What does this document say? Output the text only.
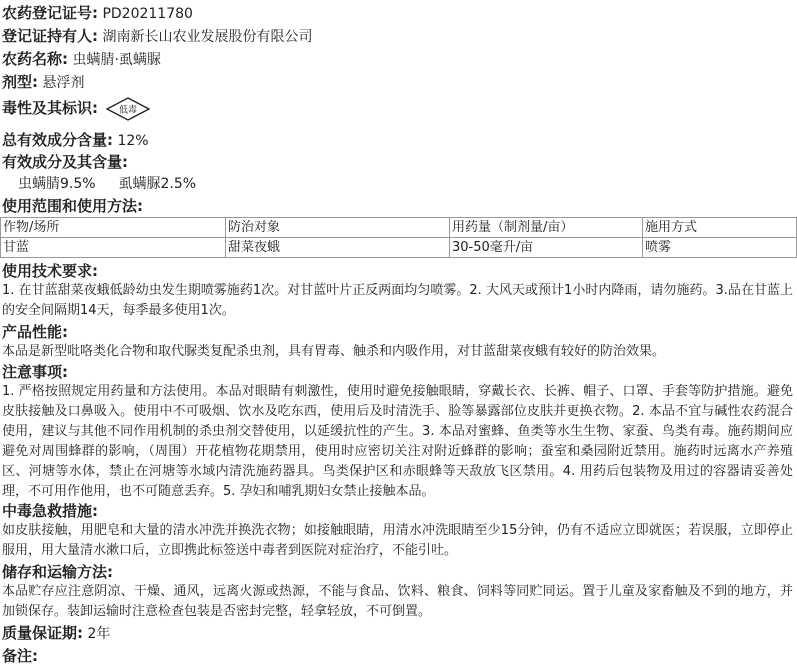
农药登记证号: PD20211780
登记证持有人: 湖南新长山农业发展股份有限公司
农药名称: 虫螨腈·虱螨脲
剂型: 悬浮剂
毒性及其标识: 低毒
总有效成分含量: 12%
有效成分及其含量:
虫螨腈9.5% 虱螨脲2.5%
使用范围和使用方法:
作物/场所	防治对象	用药量（制剂量/亩）	施用方式
甘蓝	甜菜夜蛾	30-50毫升/亩	喷雾
使用技术要求:

1. 在甘蓝甜菜夜蛾低龄幼虫发生期喷雾施药1次。对甘蓝叶片正反两面均匀喷雾。2. 大风天或预计1小时内降雨，请勿施药。3.品在甘蓝上的安全间隔期14天，每季最多使用1次。

产品性能:

本品是新型吡咯类化合物和取代脲类复配杀虫剂，具有胃毒、触杀和内吸作用，对甘蓝甜菜夜蛾有较好的防治效果。

注意事项:

1. 严格按照规定用药量和方法使用。本品对眼睛有刺激性，使用时避免接触眼睛，穿戴长衣、长裤、帽子、口罩、手套等防护措施。避免皮肤接触及口鼻吸入。使用中不可吸烟、饮水及吃东西，使用后及时清洗手、脸等暴露部位皮肤并更换衣物。2. 本品不宜与碱性农药混合使用，建议与其他不同作用机制的杀虫剂交替使用，以延缓抗性的产生。3. 本品对蜜蜂、鱼类等水生生物、家蚕、鸟类有毒。施药期间应避免对周围蜂群的影响，（周围）开花植物花期禁用，使用时应密切关注对附近蜂群的影响；蚕室和桑园附近禁用。施药时远离水产养殖区、河塘等水体，禁止在河塘等水域内清洗施药器具。鸟类保护区和赤眼蜂等天敌放飞区禁用。4. 用药后包装物及用过的容器请妥善处理，不可用作他用，也不可随意丢弃。5. 孕妇和哺乳期妇女禁止接触本品。

中毒急救措施:

如皮肤接触，用肥皂和大量的清水冲洗并换洗衣物；如接触眼睛，用清水冲洗眼睛至少15分钟，仍有不适应立即就医；若误服，立即停止服用，用大量清水漱口后，立即携此标签送中毒者到医院对症治疗，不能引吐。

储存和运输方法:

本品贮存应注意阴凉、干燥、通风，远离火源或热源，不能与食品、饮料、粮食、饲料等同贮同运。置于儿童及家畜触及不到的地方，并加锁保存。装卸运输时注意检查包装是否密封完整，轻拿轻放，不可倒置。

质量保证期: 2年
备注:
